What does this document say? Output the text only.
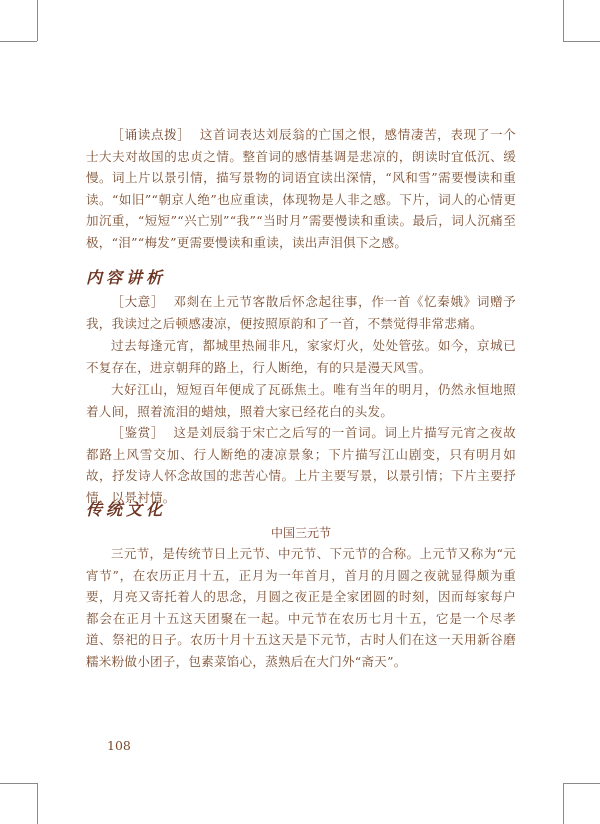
［诵读点拨］ 这首词表达刘辰翁的亡国之恨，感情凄苦，表现了一个士大夫对故国的忠贞之情。整首词的感情基调是悲凉的，朗读时宜低沉、缓慢。词上片以景引情，描写景物的词语宜读出深情，“风和雪”需要慢读和重读。“如旧”“朝京人绝”也应重读，体现物是人非之感。下片，词人的心情更加沉重，“短短”“兴亡别”“我”“当时月”需要慢读和重读。最后，词人沉痛至极，“泪”“梅发”更需要慢读和重读，读出声泪俱下之感。
内容讲析
［大意］ 邓剡在上元节客散后怀念起往事，作一首《忆秦娥》词赠予我，我读过之后顿感凄凉，便按照原韵和了一首，不禁觉得非常悲痛。
过去每逢元宵，都城里热闹非凡，家家灯火，处处管弦。如今，京城已不复存在，进京朝拜的路上，行人断绝，有的只是漫天风雪。
大好江山，短短百年便成了瓦砾焦土。唯有当年的明月，仍然永恒地照着人间，照着流泪的蜡烛，照着大家已经花白的头发。
［鉴赏］ 这是刘辰翁于宋亡之后写的一首词。词上片描写元宵之夜故都路上风雪交加、行人断绝的凄凉景象；下片描写江山剧变，只有明月如故，抒发诗人怀念故国的悲苦心情。上片主要写景，以景引情；下片主要抒情，以景衬情。
传统文化
中国三元节
三元节，是传统节日上元节、中元节、下元节的合称。上元节又称为“元宵节”，在农历正月十五，正月为一年首月，首月的月圆之夜就显得颇为重要，月亮又寄托着人的思念，月圆之夜正是全家团圆的时刻，因而每家每户都会在正月十五这天团聚在一起。中元节在农历七月十五，它是一个尽孝道、祭祀的日子。农历十月十五这天是下元节，古时人们在这一天用新谷磨糯米粉做小团子，包素菜馅心，蒸熟后在大门外“斋天”。
108
